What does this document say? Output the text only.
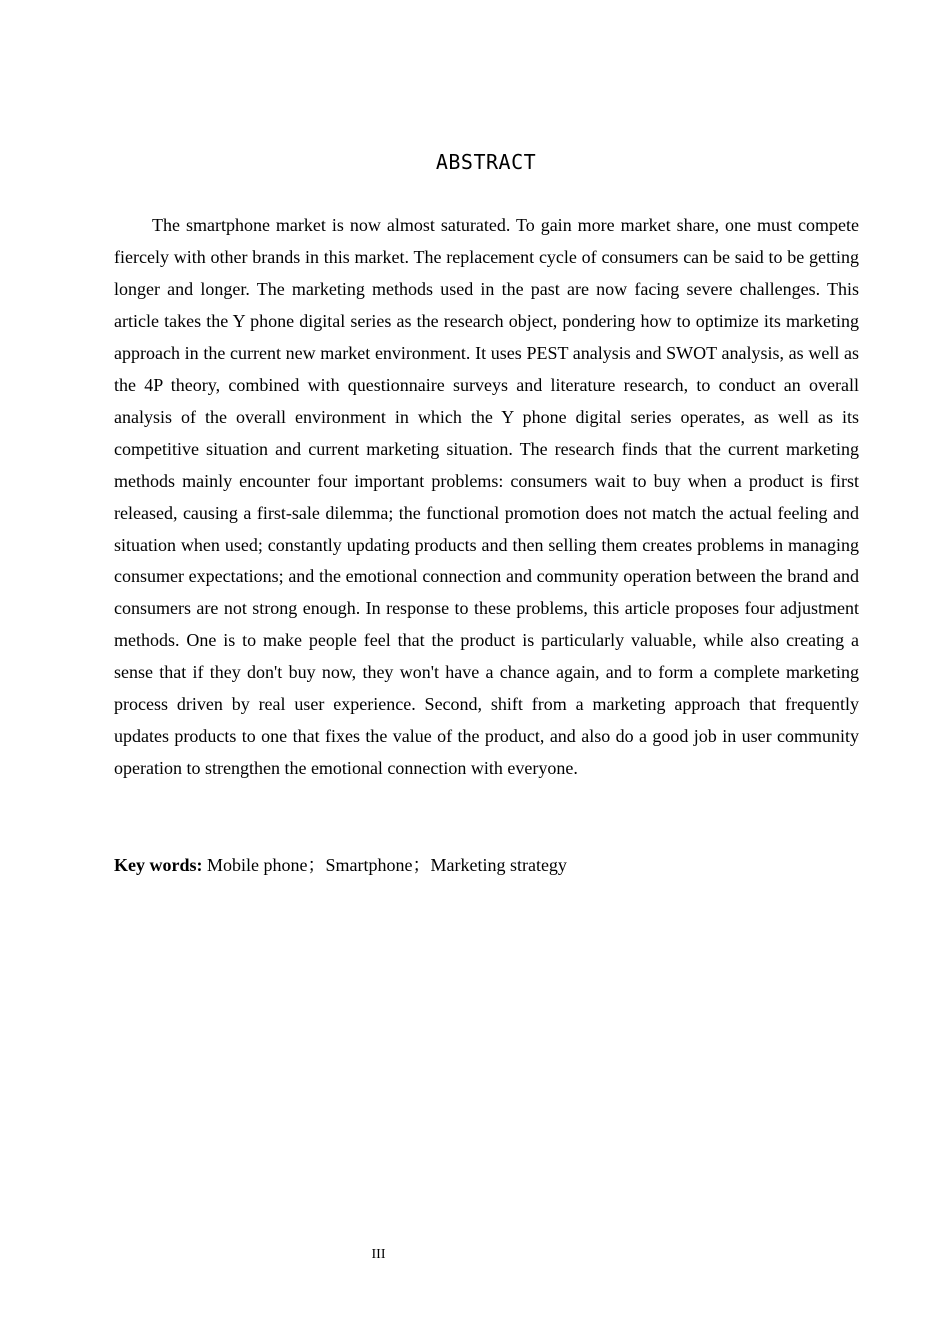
ABSTRACT

The smartphone market is now almost saturated. To gain more market share, one must compete fiercely with other brands in this market. The replacement cycle of consumers can be said to be getting longer and longer. The marketing methods used in the past are now facing severe challenges. This article takes the Y phone digital series as the research object, pondering how to optimize its marketing approach in the current new market environment. It uses PEST analysis and SWOT analysis, as well as the 4P theory, combined with questionnaire surveys and literature research, to conduct an overall analysis of the overall environment in which the Y phone digital series operates, as well as its competitive situation and current marketing situation. The research finds that the current marketing methods mainly encounter four important problems: consumers wait to buy when a product is first released, causing a first-sale dilemma; the functional promotion does not match the actual feeling and situation when used; constantly updating products and then selling them creates problems in managing consumer expectations; and the emotional connection and community operation between the brand and consumers are not strong enough. In response to these problems, this article proposes four adjustment methods. One is to make people feel that the product is particularly valuable, while also creating a sense that if they don't buy now, they won't have a chance again, and to form a complete marketing process driven by real user experience. Second, shift from a marketing approach that frequently updates products to one that fixes the value of the product, and also do a good job in user community operation to strengthen the emotional connection with everyone.

Key words: Mobile phone；Smartphone；Marketing strategy
III
